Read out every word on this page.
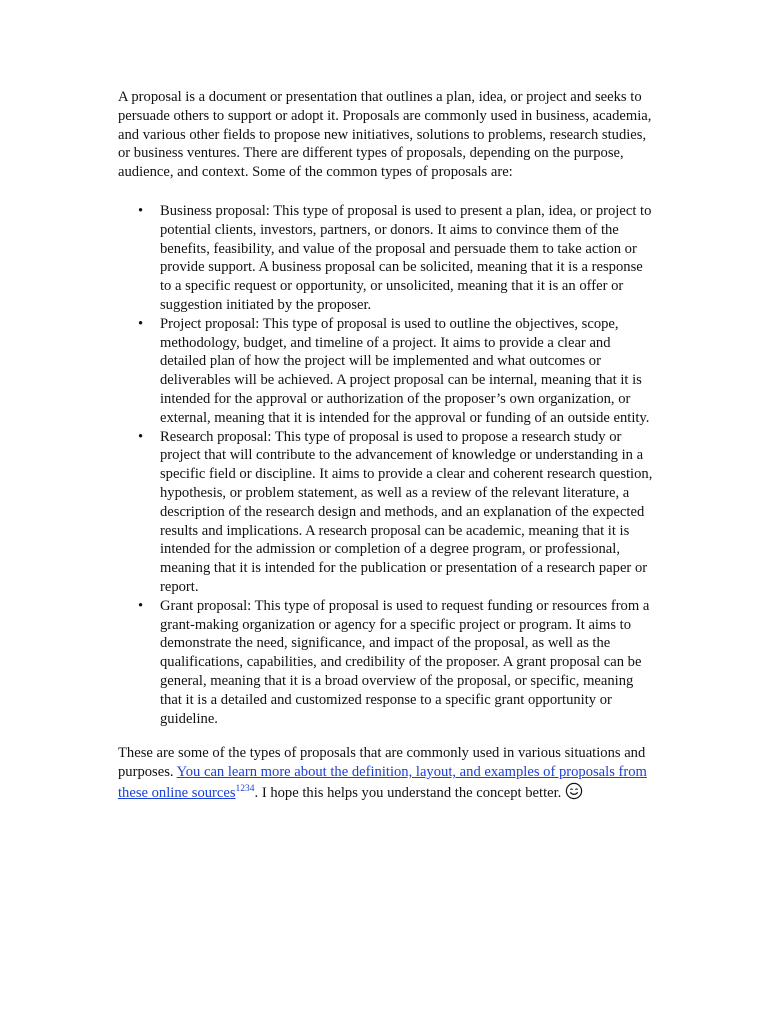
A proposal is a document or presentation that outlines a plan, idea, or project and seeks to persuade others to support or adopt it. Proposals are commonly used in business, academia, and various other fields to propose new initiatives, solutions to problems, research studies, or business ventures. There are different types of proposals, depending on the purpose, audience, and context. Some of the common types of proposals are:

• Business proposal: This type of proposal is used to present a plan, idea, or project to potential clients, investors, partners, or donors. It aims to convince them of the benefits, feasibility, and value of the proposal and persuade them to take action or provide support. A business proposal can be solicited, meaning that it is a response to a specific request or opportunity, or unsolicited, meaning that it is an offer or suggestion initiated by the proposer.
• Project proposal: This type of proposal is used to outline the objectives, scope, methodology, budget, and timeline of a project. It aims to provide a clear and detailed plan of how the project will be implemented and what outcomes or deliverables will be achieved. A project proposal can be internal, meaning that it is intended for the approval or authorization of the proposer’s own organization, or external, meaning that it is intended for the approval or funding of an outside entity.
• Research proposal: This type of proposal is used to propose a research study or project that will contribute to the advancement of knowledge or understanding in a specific field or discipline. It aims to provide a clear and coherent research question, hypothesis, or problem statement, as well as a review of the relevant literature, a description of the research design and methods, and an explanation of the expected results and implications. A research proposal can be academic, meaning that it is intended for the admission or completion of a degree program, or professional, meaning that it is intended for the publication or presentation of a research paper or report.
• Grant proposal: This type of proposal is used to request funding or resources from a grant-making organization or agency for a specific project or program. It aims to demonstrate the need, significance, and impact of the proposal, as well as the qualifications, capabilities, and credibility of the proposer. A grant proposal can be general, meaning that it is a broad overview of the proposal, or specific, meaning that it is a detailed and customized response to a specific grant opportunity or guideline.

These are some of the types of proposals that are commonly used in various situations and purposes. You can learn more about the definition, layout, and examples of proposals from these online sources$^{1234}$. I hope this helps you understand the concept better.
